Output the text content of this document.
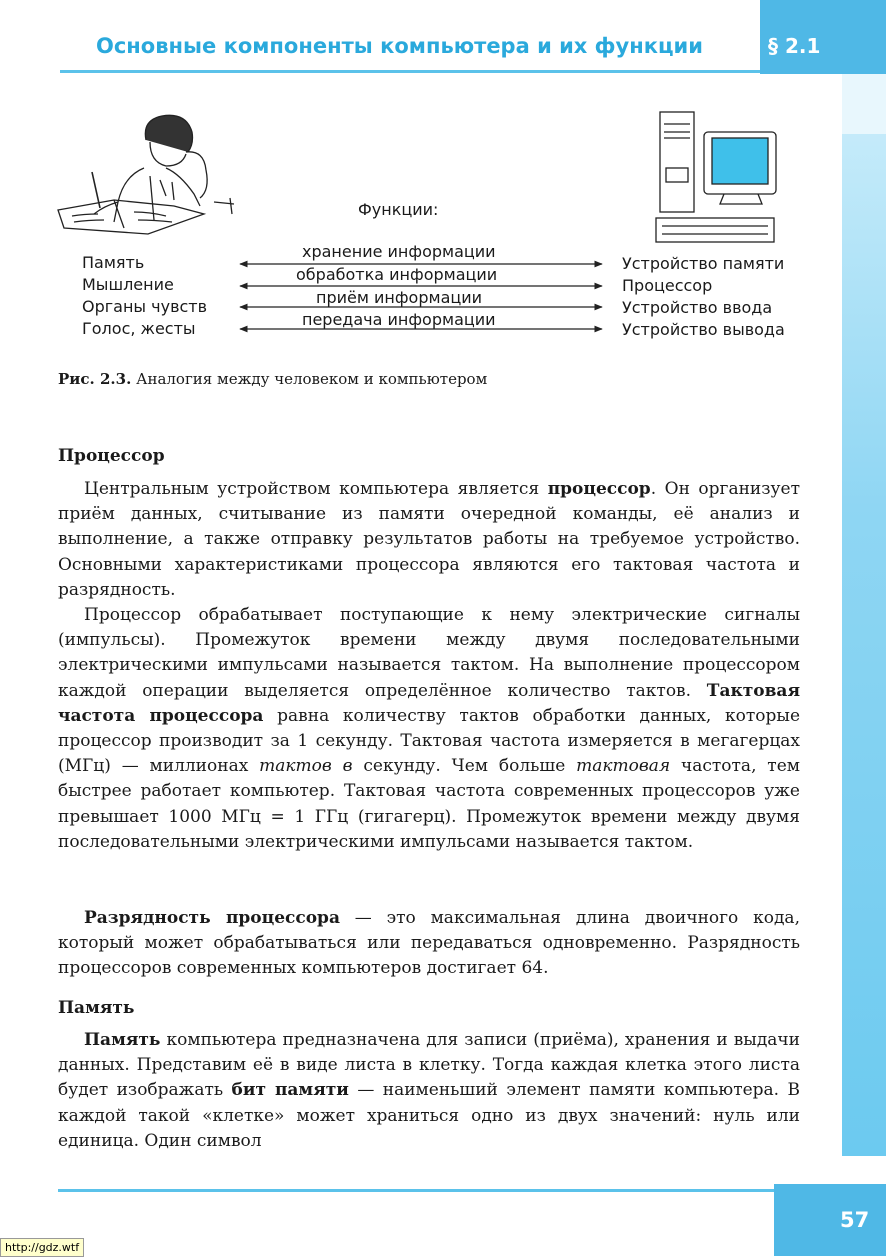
Основные компоненты компьютера и их функции	§ 2.1
Функции:
Память
Мышление
Органы чувств
Голос, жесты
хранение информации
обработка информации
приём информации
передача информации
Устройство памяти
Процессор
Устройство ввода
Устройство вывода
Рис. 2.3. Аналогия между человеком и компьютером
Процессор

Центральным устройством компьютера является процессор. Он организует приём данных, считывание из памяти очередной команды, её анализ и выполнение, а также отправку результатов работы на требуемое устройство. Основными характеристиками процессора являются его тактовая частота и разрядность.

Процессор обрабатывает поступающие к нему электрические сигналы (импульсы). Промежуток времени между двумя последовательными электрическими импульсами называется тактом. На выполнение процессором каждой операции выделяется определённое количество тактов. Тактовая частота процессора равна количеству тактов обработки данных, которые процессор производит за 1 секунду. Тактовая частота измеряется в мегагерцах (МГц) — миллионах тактов в секунду. Чем больше тактовая частота, тем быстрее работает компьютер. Тактовая частота современных процессоров уже превышает 1000 МГц = 1 ГГц (гигагерц). Промежуток времени между двумя последовательными электрическими импульсами называется тактом.

Разрядность процессора — это максимальная длина двоичного кода, который может обрабатываться или передаваться одновременно. Разрядность процессоров современных компьютеров достигает 64.

Память

Память компьютера предназначена для записи (приёма), хранения и выдачи данных. Представим её в виде листа в клетку. Тогда каждая клетка этого листа будет изображать бит памяти — наименьший элемент памяти компьютера. В каждой такой «клетке» может храниться одно из двух значений: нуль или единица. Один символ

57
http://gdz.wtf
